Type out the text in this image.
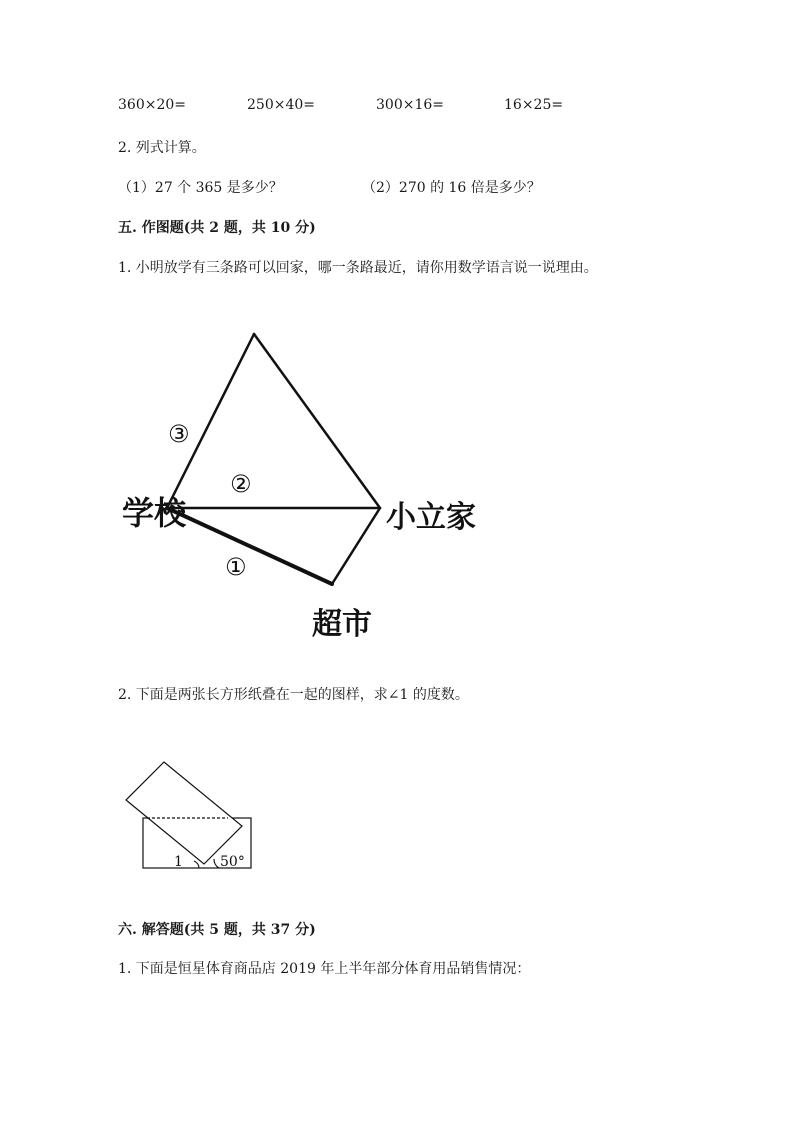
360×20=	250×40=	300×16=	16×25=
2. 列式计算。
（1）27 个 365 是多少？	（2）270 的 16 倍是多少？
五. 作图题(共 2 题，共 10 分)
1. 小明放学有三条路可以回家，哪一条路最近，请你用数学语言说一说理由。
③
②
①
学校	小立家
超市
1	50°
2. 下面是两张长方形纸叠在一起的图样，求∠1 的度数。
六. 解答题(共 5 题，共 37 分)
1. 下面是恒星体育商品店 2019 年上半年部分体育用品销售情况：
